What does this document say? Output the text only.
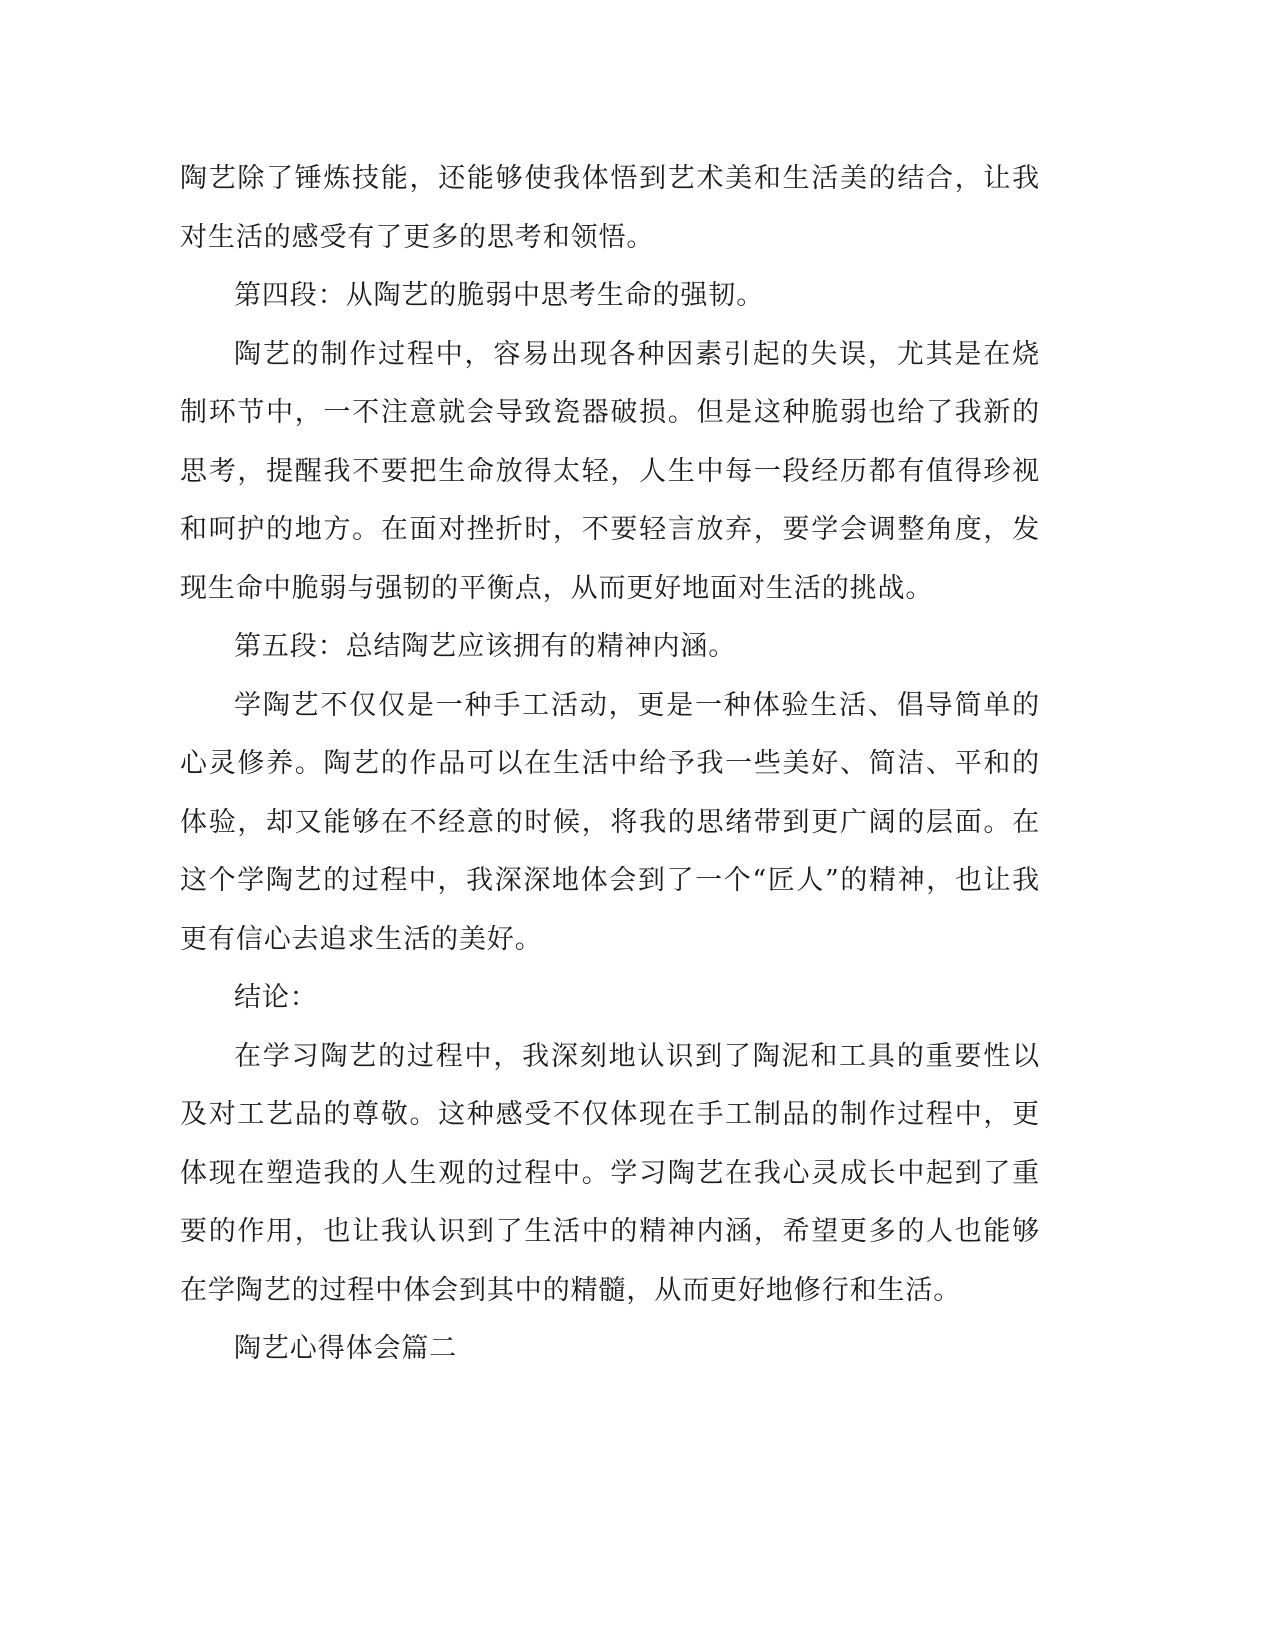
陶艺除了锤炼技能，还能够使我体悟到艺术美和生活美的结合，让我对生活的感受有了更多的思考和领悟。

第四段：从陶艺的脆弱中思考生命的强韧。

陶艺的制作过程中，容易出现各种因素引起的失误，尤其是在烧制环节中，一不注意就会导致瓷器破损。但是这种脆弱也给了我新的思考，提醒我不要把生命放得太轻，人生中每一段经历都有值得珍视和呵护的地方。在面对挫折时，不要轻言放弃，要学会调整角度，发现生命中脆弱与强韧的平衡点，从而更好地面对生活的挑战。

第五段：总结陶艺应该拥有的精神内涵。

学陶艺不仅仅是一种手工活动，更是一种体验生活、倡导简单的心灵修养。陶艺的作品可以在生活中给予我一些美好、简洁、平和的体验，却又能够在不经意的时候，将我的思绪带到更广阔的层面。在这个学陶艺的过程中，我深深地体会到了一个“匠人”的精神，也让我更有信心去追求生活的美好。

结论：

在学习陶艺的过程中，我深刻地认识到了陶泥和工具的重要性以及对工艺品的尊敬。这种感受不仅体现在手工制品的制作过程中，更体现在塑造我的人生观的过程中。学习陶艺在我心灵成长中起到了重要的作用，也让我认识到了生活中的精神内涵，希望更多的人也能够在学陶艺的过程中体会到其中的精髓，从而更好地修行和生活。

陶艺心得体会篇二
